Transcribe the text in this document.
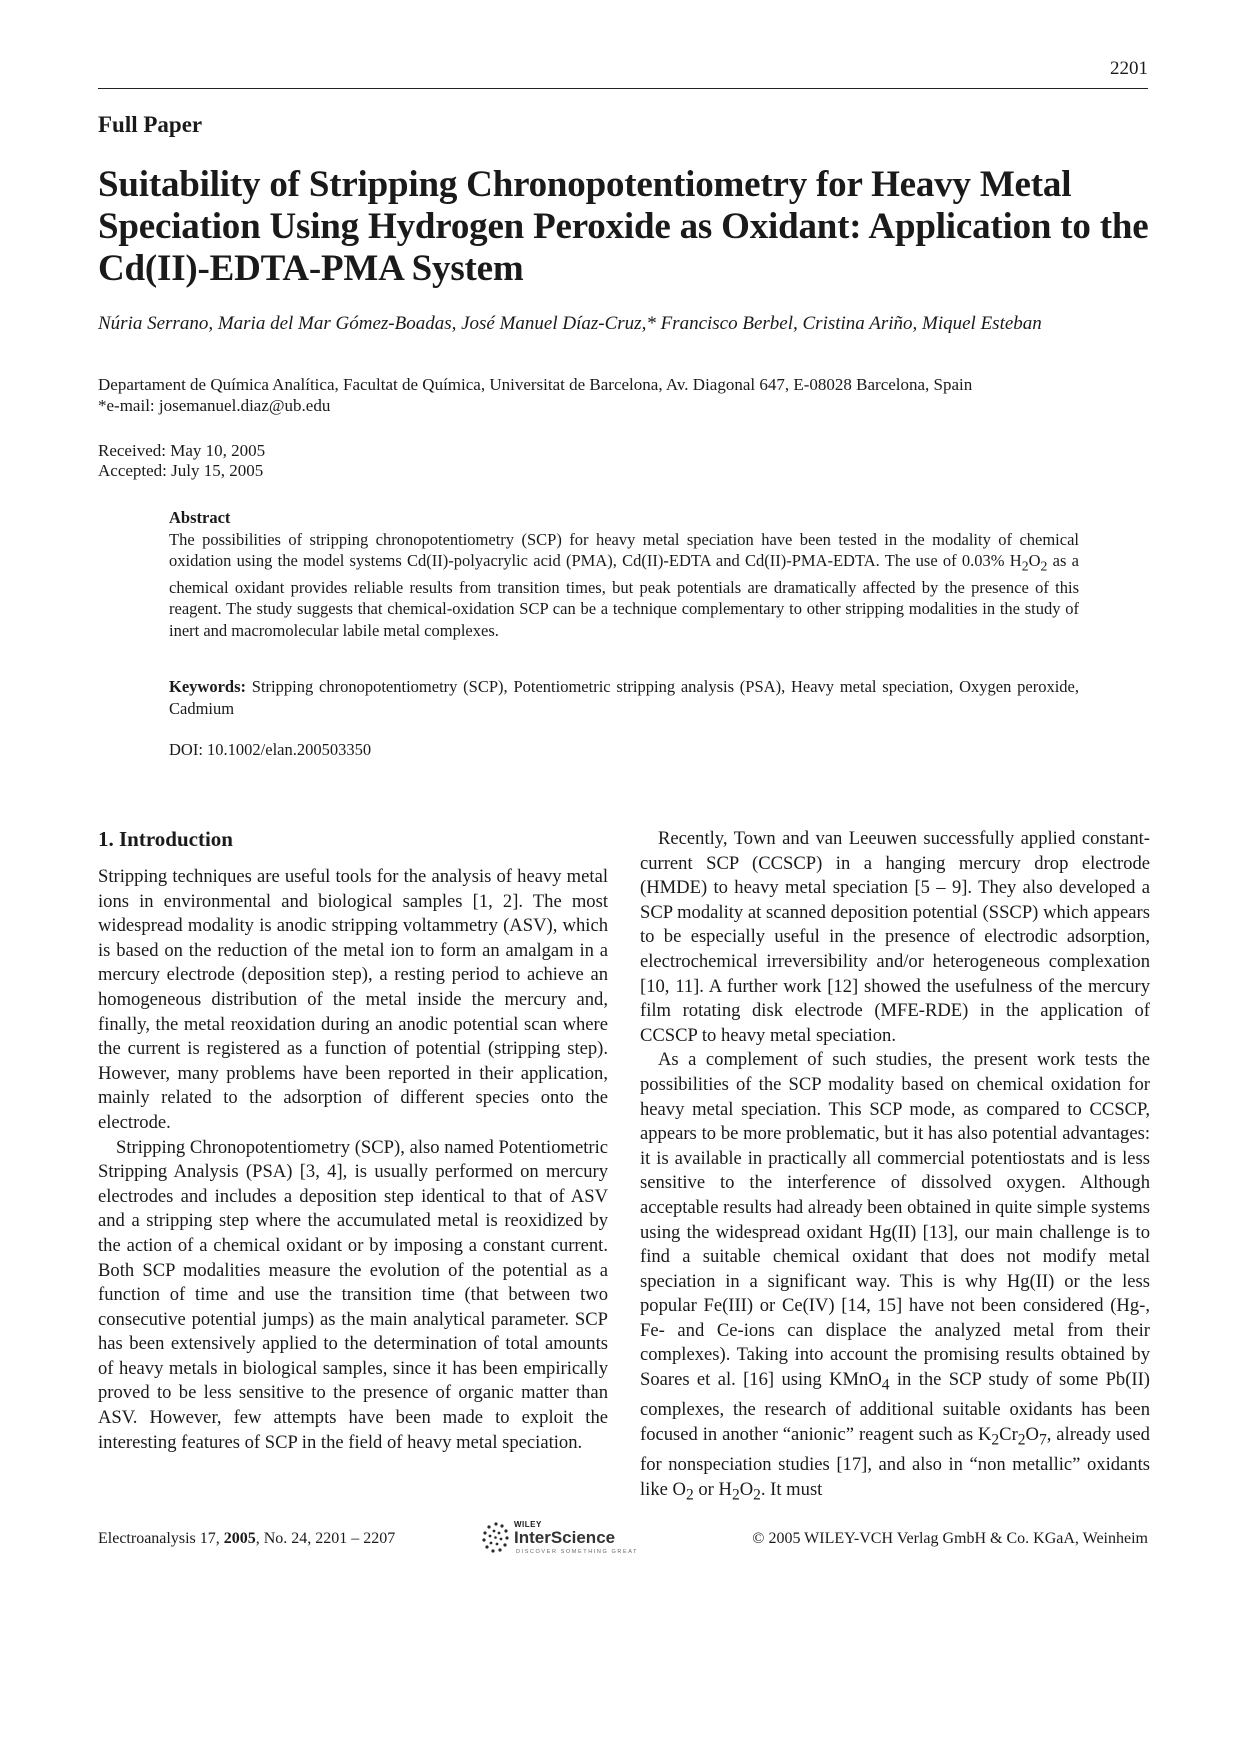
2201
Full Paper
Suitability of Stripping Chronopotentiometry for Heavy Metal
Speciation Using Hydrogen Peroxide as Oxidant: Application to the
Cd(II)-EDTA-PMA System
Núria Serrano, Maria del Mar Gómez-Boadas, José Manuel Díaz-Cruz,* Francisco Berbel, Cristina Ariño, Miquel Esteban
Departament de Química Analítica, Facultat de Química, Universitat de Barcelona, Av. Diagonal 647, E-08028 Barcelona, Spain
*e-mail: josemanuel.diaz@ub.edu
Received: May 10, 2005
Accepted: July 15, 2005
Abstract
The possibilities of stripping chronopotentiometry (SCP) for heavy metal speciation have been tested in the modality of chemical oxidation using the model systems Cd(II)-polyacrylic acid (PMA), Cd(II)-EDTA and Cd(II)-PMA-EDTA. The use of 0.03% $H_2O_2$ as a chemical oxidant provides reliable results from transition times, but peak potentials are dramatically affected by the presence of this reagent. The study suggests that chemical-oxidation SCP can be a technique complementary to other stripping modalities in the study of inert and macromolecular labile metal complexes.
Keywords: Stripping chronopotentiometry (SCP), Potentiometric stripping analysis (PSA), Heavy metal speciation, Oxygen peroxide, Cadmium
DOI: 10.1002/elan.200503350
1. Introduction

Stripping techniques are useful tools for the analysis of heavy metal ions in environmental and biological samples [1, 2]. The most widespread modality is anodic stripping voltammetry (ASV), which is based on the reduction of the metal ion to form an amalgam in a mercury electrode (deposition step), a resting period to achieve an homogeneous distribution of the metal inside the mercury and, finally, the metal reoxidation during an anodic potential scan where the current is registered as a function of potential (stripping step). However, many problems have been reported in their application, mainly related to the adsorption of different species onto the electrode.

Stripping Chronopotentiometry (SCP), also named Potentiometric Stripping Analysis (PSA) [3, 4], is usually performed on mercury electrodes and includes a deposition step identical to that of ASV and a stripping step where the accumulated metal is reoxidized by the action of a chemical oxidant or by imposing a constant current. Both SCP modalities measure the evolution of the potential as a function of time and use the transition time (that between two consecutive potential jumps) as the main analytical parameter. SCP has been extensively applied to the determination of total amounts of heavy metals in biological samples, since it has been empirically proved to be less sensitive to the presence of organic matter than ASV. However, few attempts have been made to exploit the interesting features of SCP in the field of heavy metal speciation.

Recently, Town and van Leeuwen successfully applied constant-current SCP (CCSCP) in a hanging mercury drop electrode (HMDE) to heavy metal speciation [5 – 9]. They also developed a SCP modality at scanned deposition potential (SSCP) which appears to be especially useful in the presence of electrodic adsorption, electrochemical irreversibility and/or heterogeneous complexation [10, 11]. A further work [12] showed the usefulness of the mercury film rotating disk electrode (MFE-RDE) in the application of CCSCP to heavy metal speciation.

As a complement of such studies, the present work tests the possibilities of the SCP modality based on chemical oxidation for heavy metal speciation. This SCP mode, as compared to CCSCP, appears to be more problematic, but it has also potential advantages: it is available in practically all commercial potentiostats and is less sensitive to the interference of dissolved oxygen. Although acceptable results had already been obtained in quite simple systems using the widespread oxidant Hg(II) [13], our main challenge is to find a suitable chemical oxidant that does not modify metal speciation in a significant way. This is why Hg(II) or the less popular Fe(III) or Ce(IV) [14, 15] have not been considered (Hg-, Fe- and Ce-ions can displace the analyzed metal from their complexes). Taking into account the promising results obtained by Soares et al. [16] using KMnO$_4$ in the SCP study of some Pb(II) complexes, the research of additional suitable oxidants has been focused in another “anionic” reagent such as $K_2Cr_2O_7$, already used for nonspeciation studies [17], and also in “non metallic” oxidants like $O_2$ or $H_2O_2$. It must

Electroanalysis 17, 2005, No. 24, 2201 – 2207
WILEY
InterScience
DISCOVER SOMETHING GREAT
© 2005 WILEY-VCH Verlag GmbH & Co. KGaA, Weinheim
